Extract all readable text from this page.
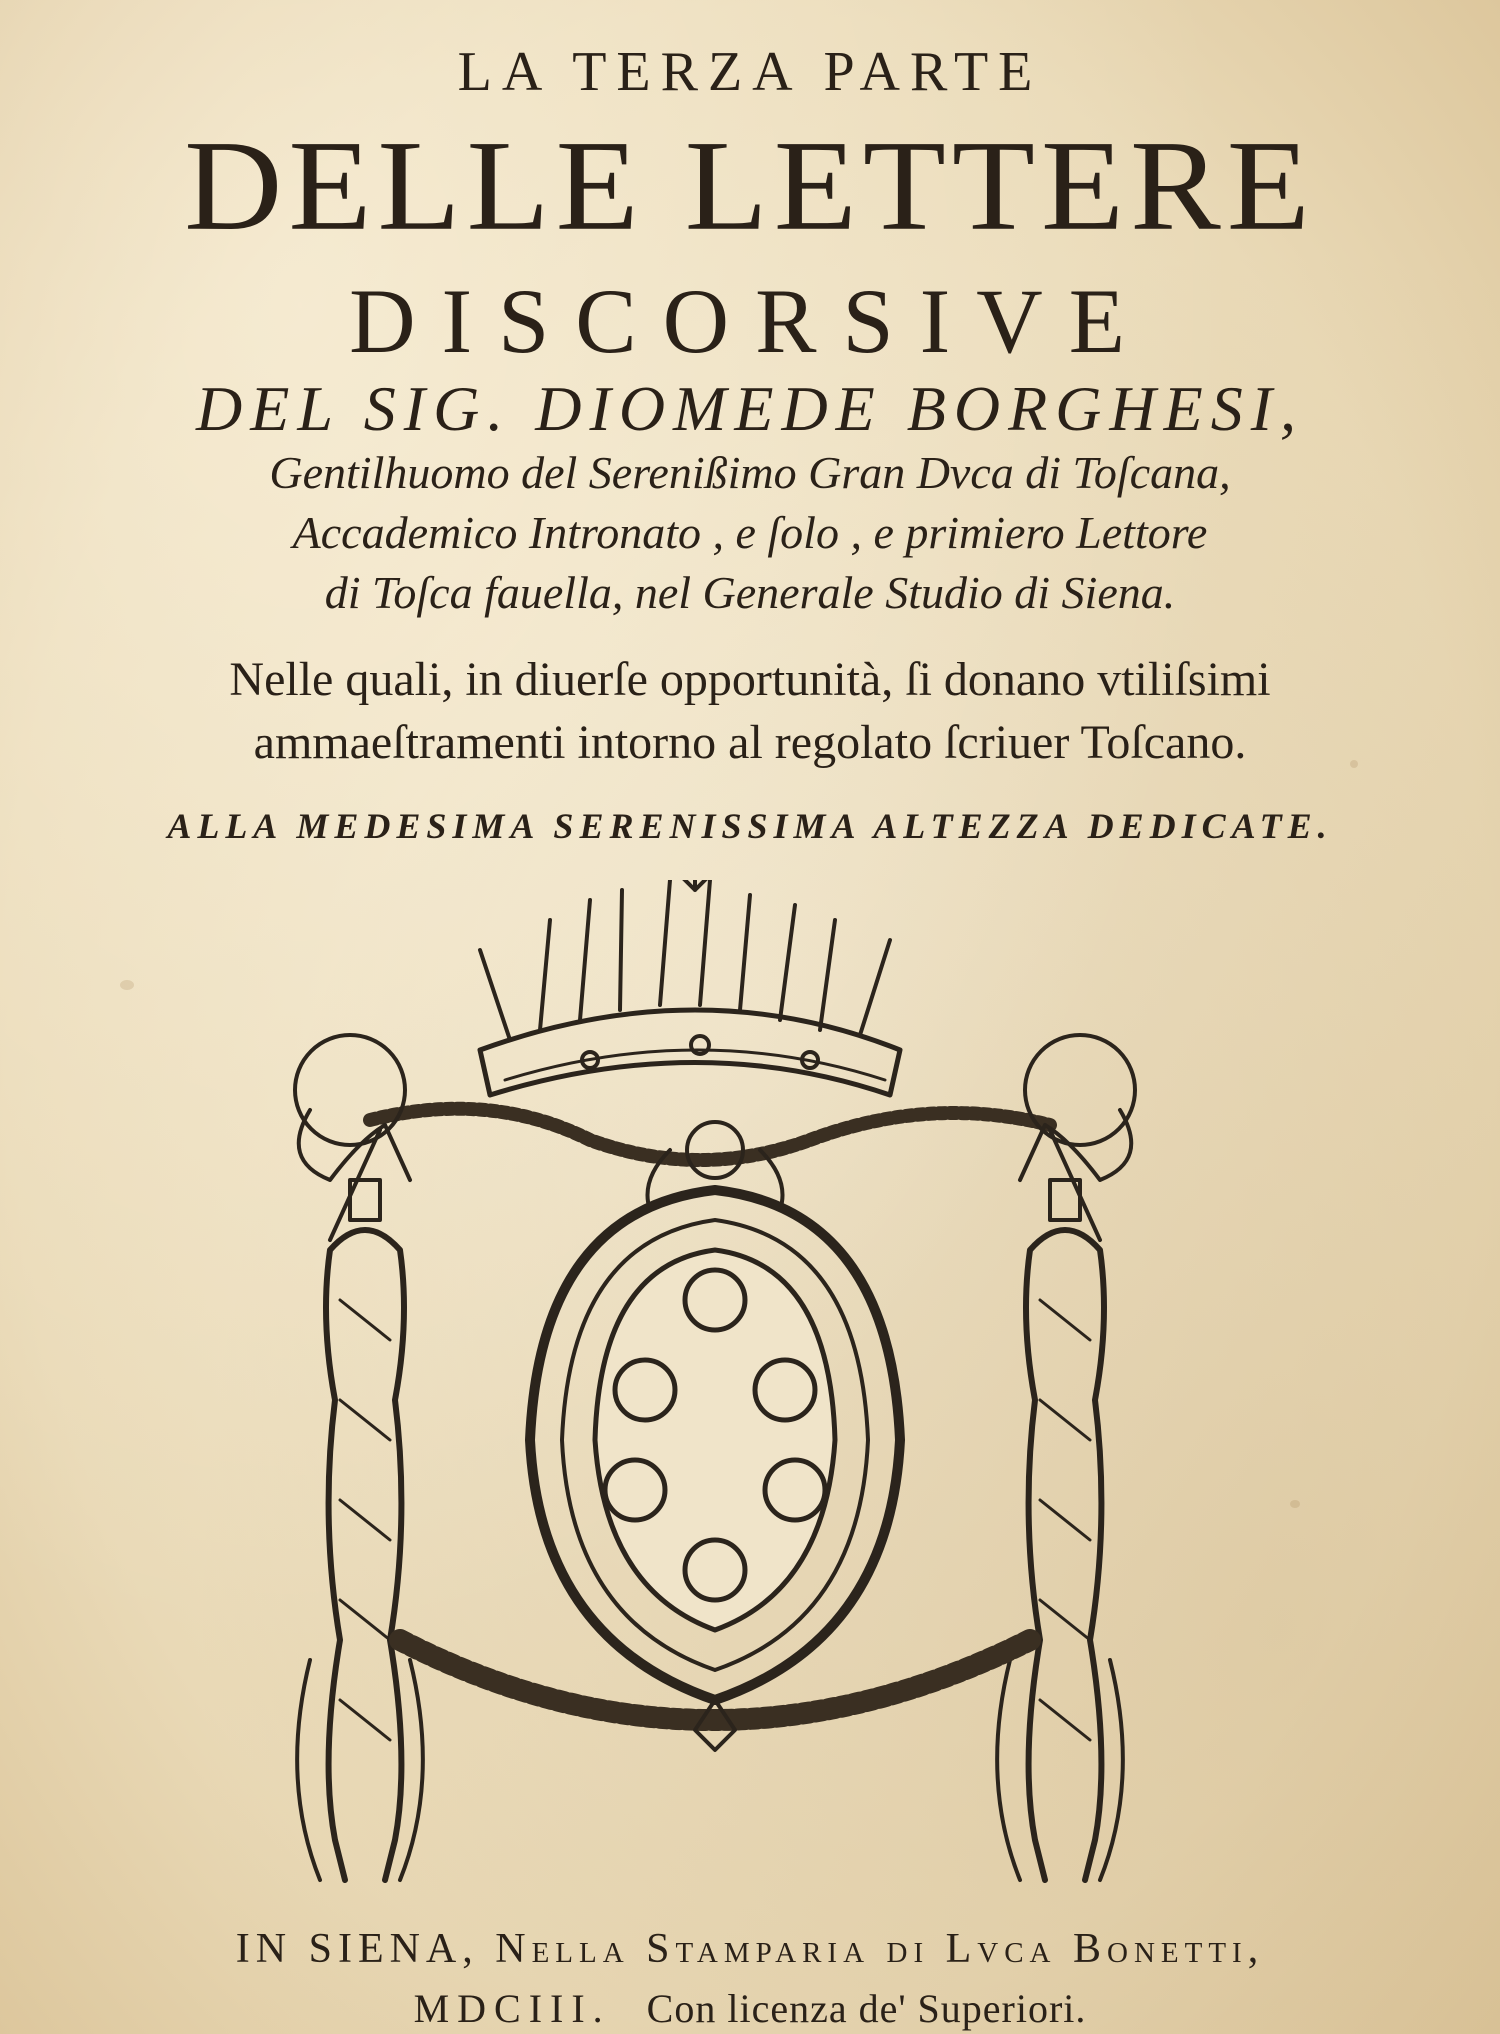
LA TERZA PARTE
DELLE LETTERE
DISCORSIVE
DEL SIG. DIOMEDE BORGHESI,
Gentilhuomo del Serenißimo Gran Dvca di Toſcana,
Accademico Intronato , e ſolo , e primiero Lettore
di Toſca fauella, nel Generale Studio di Siena.
Nelle quali, in diuerſe opportunità, ſi donano vtiliſsimi
ammaeſtramenti intorno al regolato ſcriuer Toſcano.
ALLA MEDESIMA SERENISSIMA ALTEZZA DEDICATE.
IN SIENA, Nella Stamparia di Lvca Bonetti,
MDCIII. Con licenza de' Superiori.
